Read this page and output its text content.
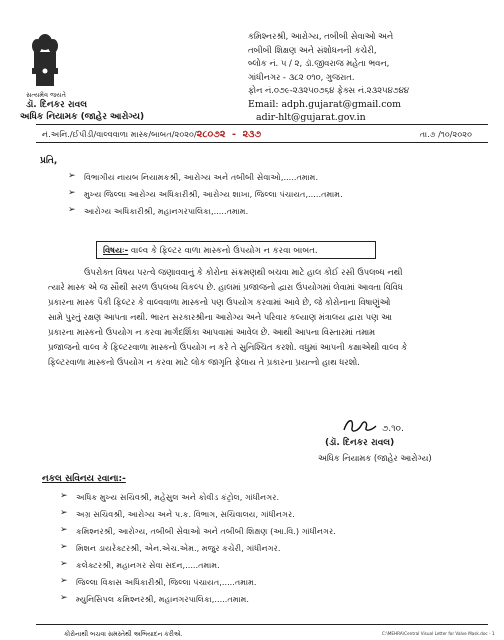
સત્યમેવ જયતે
ડૉ. દિનકર રાવલ
અધિક નિયામક (જાહેર આરોગ્ય)
કમિશ્નરશ્રી, આરોગ્ય, તબીબી સેવાઓ અને
તબીબી શિક્ષણ અને સંશોધનની કચેરી,
બ્લોક નં. ૫ / ૨, ડૉ.જીવરાજ મહેતા ભવન,
ગાંધીનગર - ૩૮૨ ૦૧૦, ગુજરાત.
ફોન નં.૦૭૯-૨૩૨૫૦૭૬૪ ફેક્સ નં.૨૩૨૫૪૭૪૪
Email: adph.gujarat@gmail.com
adir-hlt@gujarat.gov.in
નં.અનિ./ઈપીડી/વાલ્વવાળા માસ્ક/બાબત/૨૦૨૦/૨૮૦૭૨ - ૨૩૭	તા.૭ /૧૦/૨૦૨૦
પ્રતિ,
➢ વિભાગીય નાયબ નિયામકશ્રી, આરોગ્ય અને તબીબી સેવાઓ,.....તમામ.
➢ મુખ્ય જિલ્લા આરોગ્ય અધિકારીશ્રી, આરોગ્ય શાખા, જિલ્લા પંચાયત,.....તમામ.
➢ આરોગ્ય અધિકારીશ્રી, મહાનગરપાલિકા,.....તમામ.
વિષયઃ- વાલ્વ કે ફિલ્ટર વાળા માસ્કનો ઉપયોગ ન કરવા બાબત.
ઉપરોક્ત વિષય પરત્વે જણાવવાનું કે કોરોના સંક્રમણથી બચવા માટે હાલ કોઈ રસી ઉપલબ્ધ નથી
ત્યારે માસ્ક એ જ સૌથી સરળ ઉપલબ્ધ વિકલ્પ છે. હાલમાં પ્રજાજનો દ્વારા ઉપયોગમાં લેવામાં આવતા વિવિધ
પ્રકારના માસ્ક પૈકી ફિલ્ટર કે વાલ્વવાળા માસ્કનો પણ ઉપયોગ કરવામાં આવે છે, જે કોરોનાના વિષાણુંઓ
સામે પુરતું રક્ષણ આપતા નથી. ભારત સરકારશ્રીના આરોગ્ય અને પરિવાર કલ્યાણ મંત્રાલય દ્વારા પણ આ
પ્રકારના માસ્કનો ઉપયોગ ન કરવા માર્ગદર્શિકા આપવામાં આવેલ છે. આથી આપના વિસ્તારમાં તમામ
પ્રજાજનો વાલ્વ કે ફિલ્ટરવાળા માસ્કનો ઉપયોગ ન કરે તે સુનિશ્ચિત કરશો. વધુમાં આપની કક્ષાએથી વાલ્વ કે
ફિલ્ટરવાળા માસ્કનો ઉપયોગ ન કરવા માટે લોક જાગૃતિ ફેલાય તે પ્રકારના પ્રયત્નો હાથ ધરશો.
૭.૧૦.
(ડૉ. દિનકર રાવલ)
અધિક નિયામક (જાહેર આરોગ્ય)
નકલ સવિનય રવાના:-
➢ અધિક મુખ્ય સચિવશ્રી, મહેસુલ અને કોવીડ કંટ્રોલ, ગાંધીનગર.
➢ અગ્ર સચિવશ્રી, આરોગ્ય અને પ.ક. વિભાગ, સચિવાલય, ગાંધીનગર.
➢ કમિશ્નરશ્રી, આરોગ્ય, તબીબી સેવાઓ અને તબીબી શિક્ષણ (આ.વિ.) ગાંધીનગર.
➢ મિશન ડાયરેક્ટરશ્રી, એન.એચ.એમ., મજુર કચેરી, ગાંધીનગર.
➢ કલેક્ટરશ્રી, મહાનગર સેવા સદન,.....તમામ.
➢ જિલ્લા વિકાસ અધિકારીશ્રી, જિલ્લા પંચાયત,.....તમામ.
➢ મ્યુનિસિપલ કમિશ્નરશ્રી, મહાનગરપાલિકા,.....તમામ.
કોરોનાથી બચવા સમસ્તેથી અભિયાદન કરીએ.	C:\MEHRA\Central Visual Letter for Valve Mask.doc - 1
